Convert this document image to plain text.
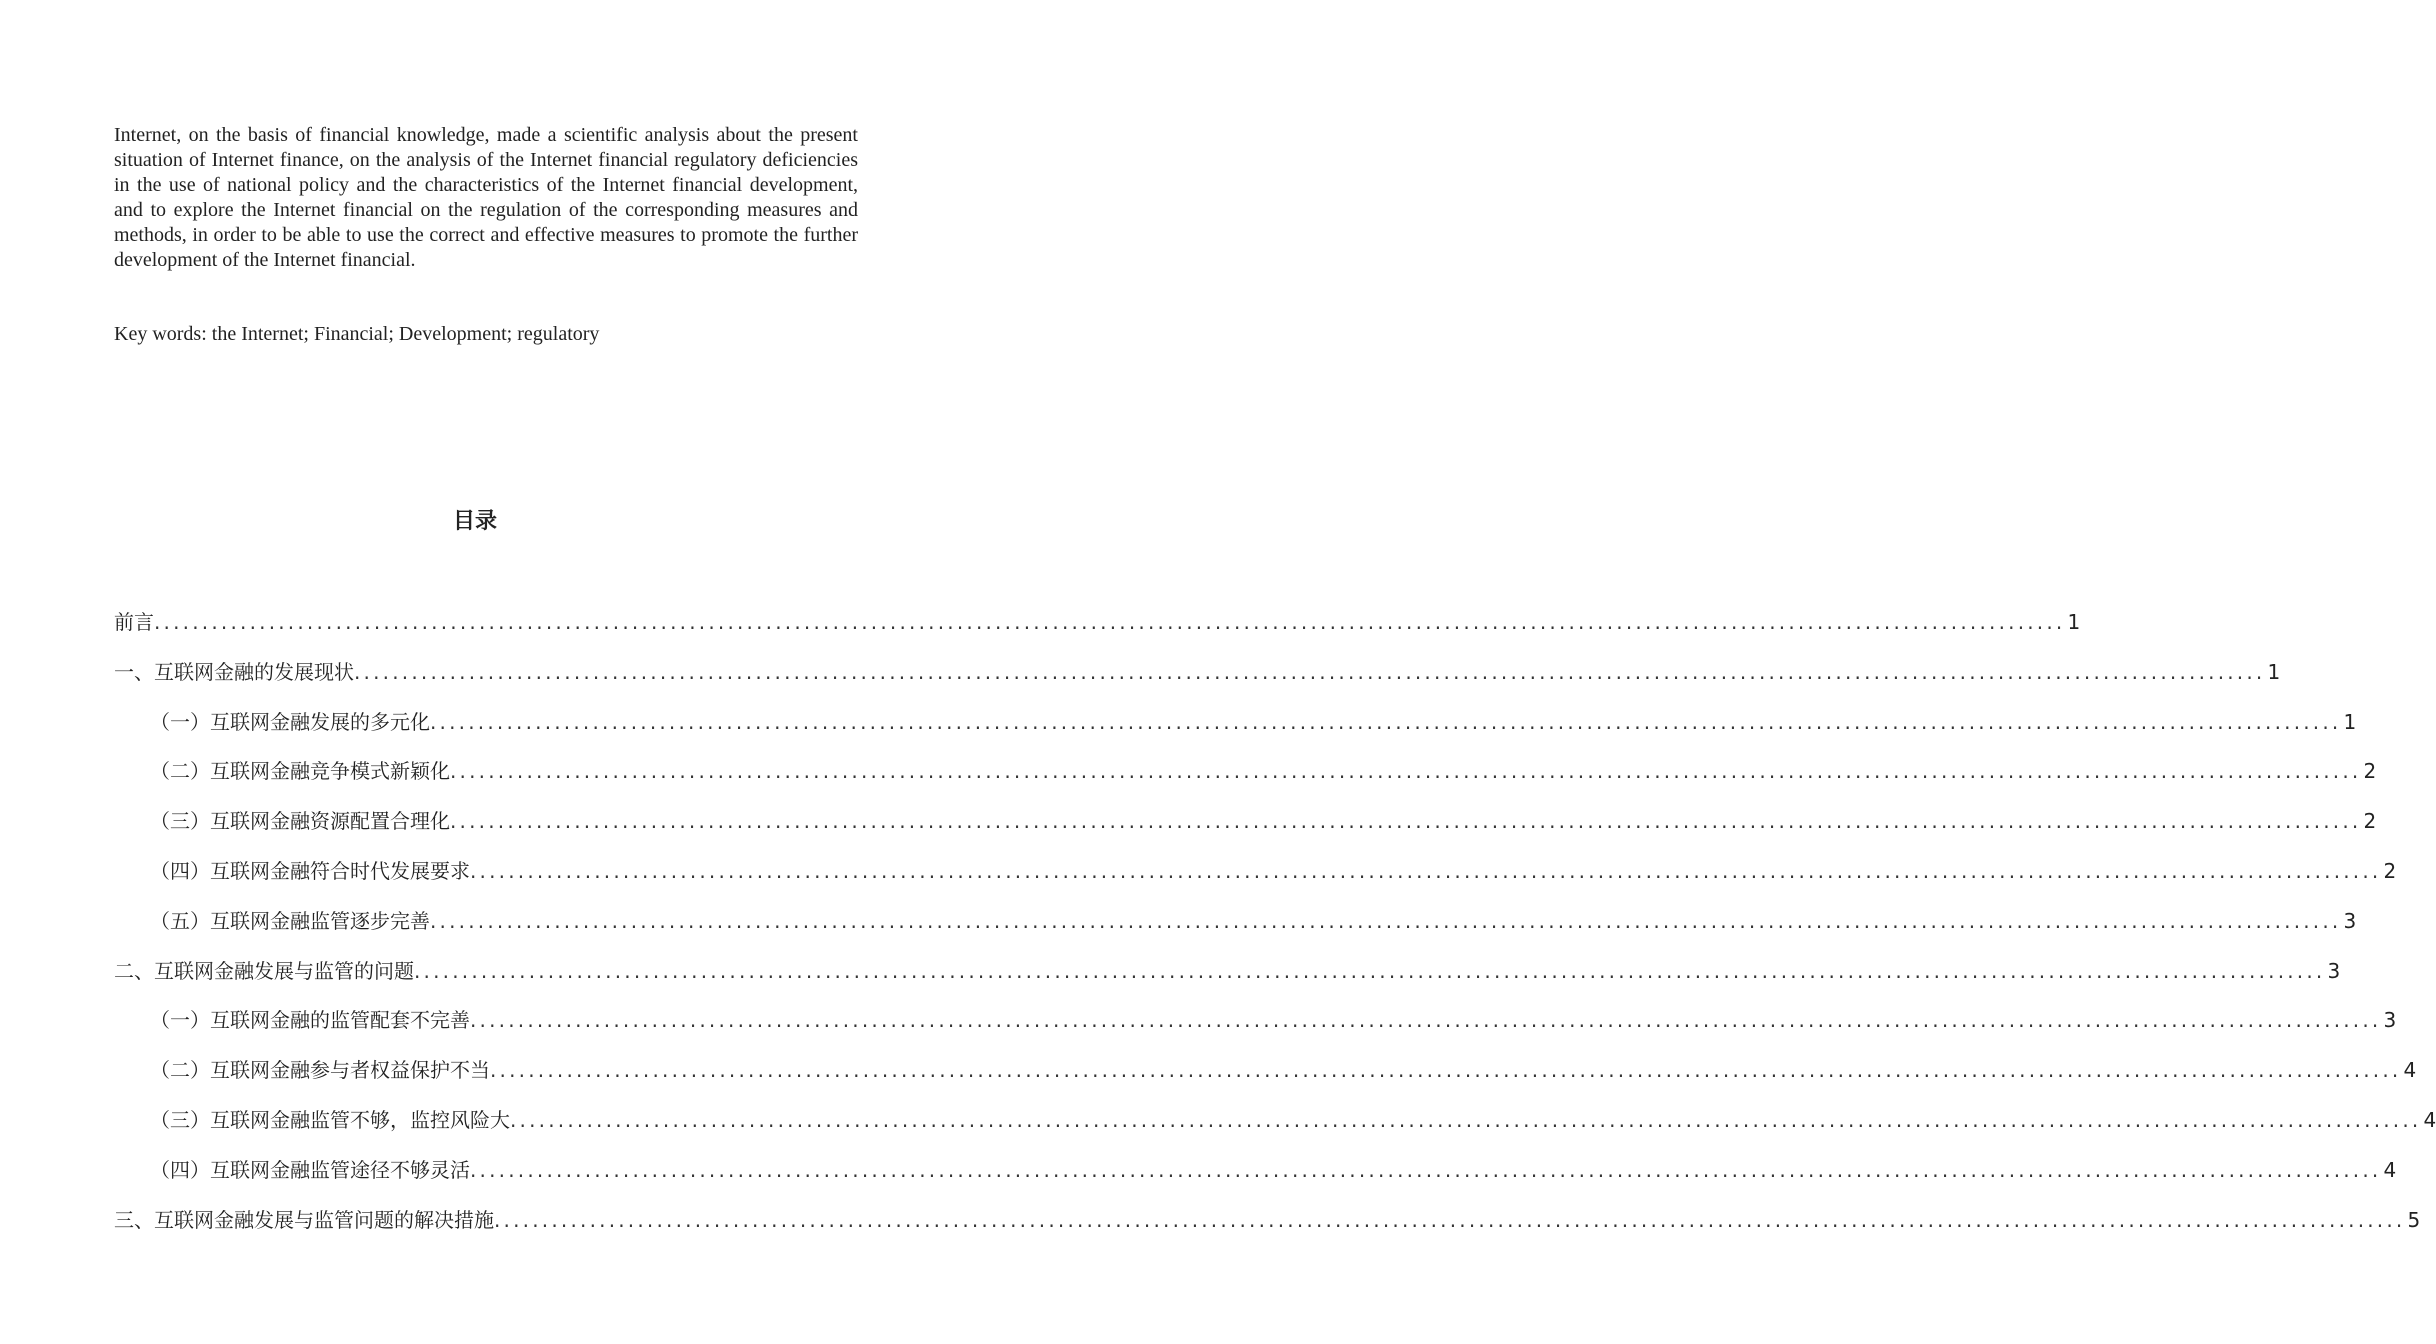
Internet, on the basis of financial knowledge, made a scientific analysis about the present situation of Internet finance, on the analysis of the Internet financial regulatory deficiencies in the use of national policy and the characteristics of the Internet financial development, and to explore the Internet financial on the regulation of the corresponding measures and methods, in order to be able to use the correct and effective measures to promote the further development of the Internet financial.

Key words: the Internet; Financial; Development; regulatory

目录
前言 ........................................................................................................................................................................................................ 1
一、互联网金融的发展现状 ........................................................................................................................................................................................................ 1
（一）互联网金融发展的多元化 ........................................................................................................................................................................................................ 1
（二）互联网金融竞争模式新颖化 ........................................................................................................................................................................................................ 2
（三）互联网金融资源配置合理化 ........................................................................................................................................................................................................ 2
（四）互联网金融符合时代发展要求 ........................................................................................................................................................................................................ 2
（五）互联网金融监管逐步完善 ........................................................................................................................................................................................................ 3
二、互联网金融发展与监管的问题 ........................................................................................................................................................................................................ 3
（一）互联网金融的监管配套不完善 ........................................................................................................................................................................................................ 3
（二）互联网金融参与者权益保护不当 ........................................................................................................................................................................................................ 4
（三）互联网金融监管不够，监控风险大 ........................................................................................................................................................................................................ 4
（四）互联网金融监管途径不够灵活 ........................................................................................................................................................................................................ 4
三、互联网金融发展与监管问题的解决措施 ........................................................................................................................................................................................................ 5
